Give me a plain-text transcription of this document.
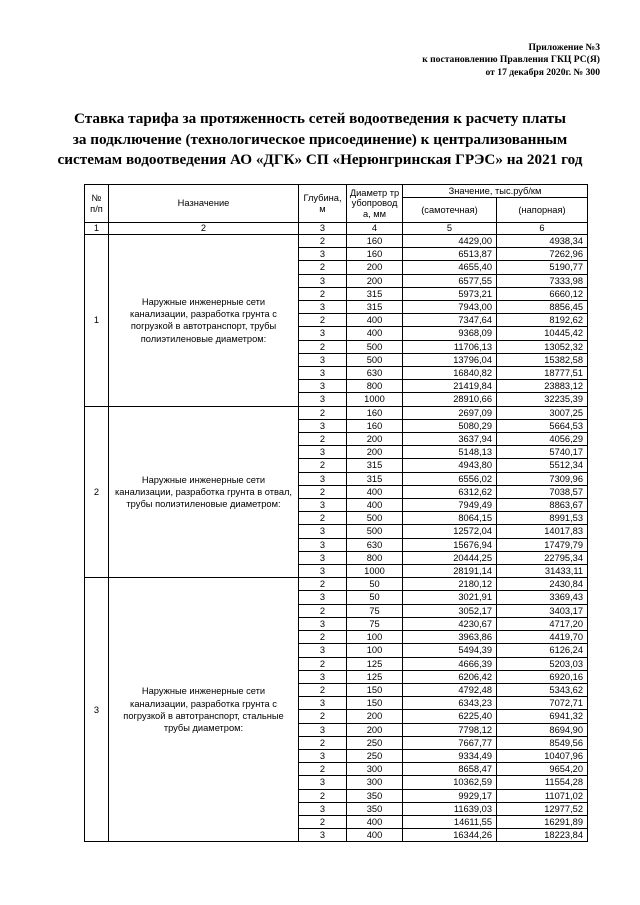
Приложение №3
к постановлению Правления ГКЦ РС(Я)
от 17 декабря 2020г. № 300
Ставка тарифа за протяженность сетей водоотведения к расчету платы
за подключение (технологическое присоединение) к централизованным
системам водоотведения АО «ДГК» СП «Нерюнгринская ГРЭС» на 2021 год
№ п/п	Назначение	Глубина, м	Диаметр трубопроводa, мм	Значение, тыс.руб/км	
				(самотечная)	(напорная)
1	2	3	4	5	6
1	Наружные инженерные сети канализации, разработка грунта с погрузкой в автотранспорт, трубы полиэтиленовые диаметром:	2	160	4429,00	4938,34
		3	160	6513,87	7262,96
		2	200	4655,40	5190,77
		3	200	6577,55	7333,98
		2	315	5973,21	6660,12
		3	315	7943,00	8856,45
		2	400	7347,64	8192,62
		3	400	9368,09	10445,42
		2	500	11706,13	13052,32
		3	500	13796,04	15382,58
		3	630	16840,82	18777,51
		3	800	21419,84	23883,12
		3	1000	28910,66	32235,39
2	Наружные инженерные сети канализации, разработка грунта в отвал, трубы полиэтиленовые диаметром:	2	160	2697,09	3007,25
		3	160	5080,29	5664,53
		2	200	3637,94	4056,29
		3	200	5148,13	5740,17
		2	315	4943,80	5512,34
		3	315	6556,02	7309,96
		2	400	6312,62	7038,57
		3	400	7949,49	8863,67
		2	500	8064,15	8991,53
		3	500	12572,04	14017,83
		3	630	15676,94	17479,79
		3	800	20444,25	22795,34
		3	1000	28191,14	31433,11
3	Наружные инженерные сети канализации, разработка грунта с погрузкой в автотранспорт, стальные трубы диаметром:	2	50	2180,12	2430,84
		3	50	3021,91	3369,43
		2	75	3052,17	3403,17
		3	75	4230,67	4717,20
		2	100	3963,86	4419,70
		3	100	5494,39	6126,24
		2	125	4666,39	5203,03
		3	125	6206,42	6920,16
		2	150	4792,48	5343,62
		3	150	6343,23	7072,71
		2	200	6225,40	6941,32
		3	200	7798,12	8694,90
		2	250	7667,77	8549,56
		3	250	9334,49	10407,96
		2	300	8658,47	9654,20
		3	300	10362,59	11554,28
		2	350	9929,17	11071,02
		3	350	11639,03	12977,52
		2	400	14611,55	16291,89
		3	400	16344,26	18223,84
